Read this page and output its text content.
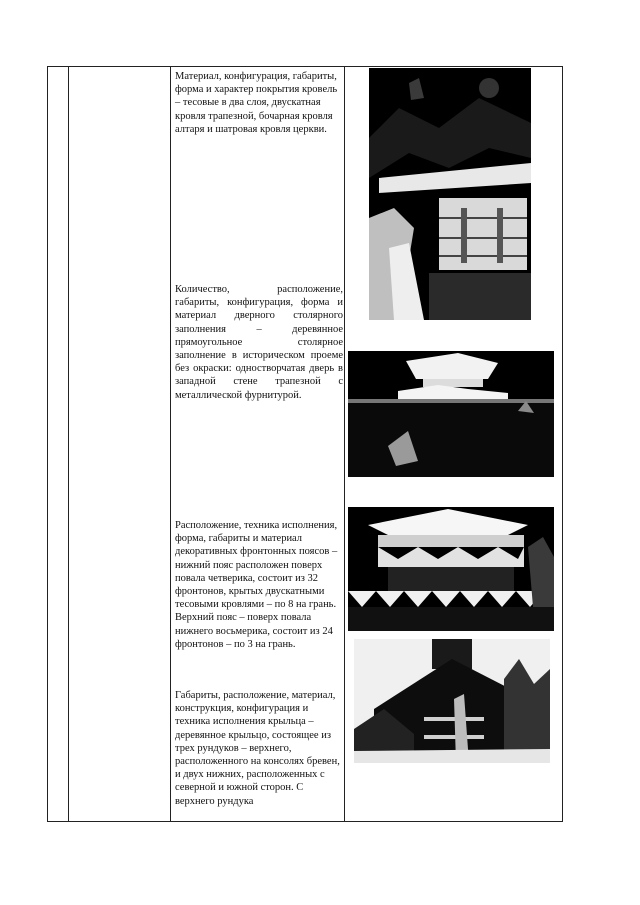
Материал, конфигурация, габариты, форма и характер покрытия кровель – тесовые в два слоя, двускатная кровля трапезной, бочарная кровля алтаря и шатровая кровля церкви.
Количество, расположение, габариты, конфигурация, форма и материал дверного столярного заполнения – деревянное прямоугольное столярное заполнение в историческом проеме без окраски: одностворчатая дверь в западной стене трапезной с металлической фурнитурой.
Расположение, техника исполнения, форма, габариты и материал декоративных фронтонных поясов – нижний пояс расположен поверх повала четверика, состоит из 32 фронтонов, крытых двускатными тесовыми кровлями – по 8 на грань. Верхний пояс – поверх повала нижнего восьмерика, состоит из 24 фронтонов – по 3 на грань.
Габариты, расположение, материал, конструкция, конфигурация и техника исполнения крыльца – деревянное крыльцо, состоящее из трех рундуков – верхнего, расположенного на консолях бревен, и двух нижних, расположенных с северной и южной сторон. С верхнего рундука
